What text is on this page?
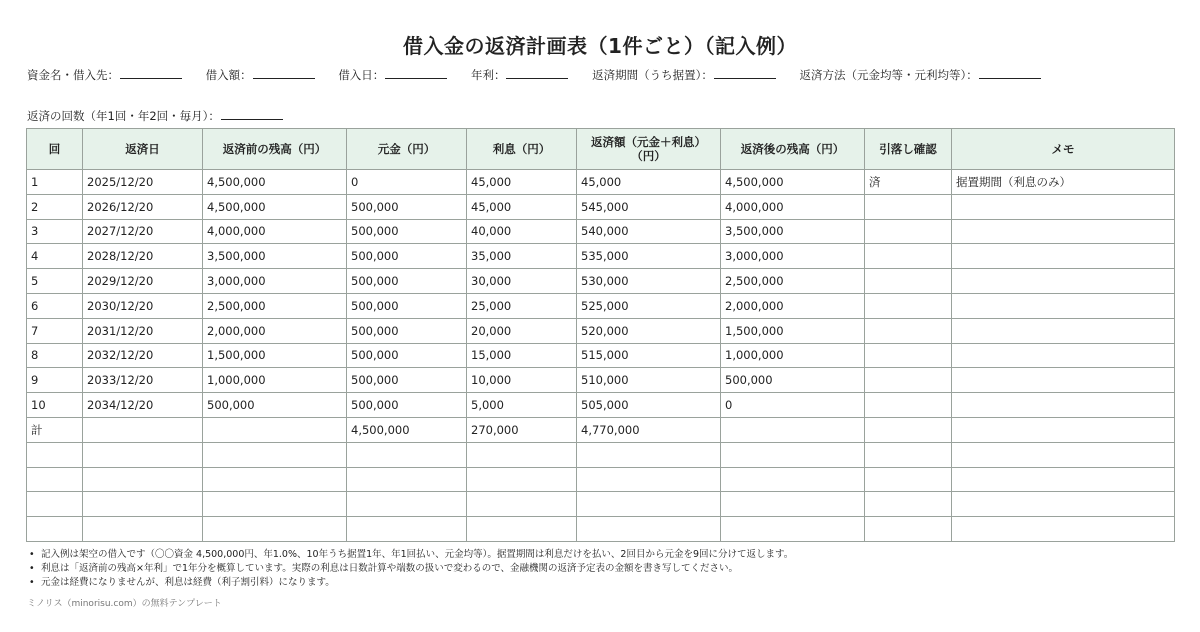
借入金の返済計画表（1件ごと）（記入例）
資金名・借入先：	借入額：	借入日：	年利：	返済期間（うち据置）：	返済方法（元金均等・元利均等）：
返済の回数（年1回・年2回・毎月）：
回	返済日	返済前の残高（円）	元金（円）	利息（円）	返済額（元金＋利息）
（円）	返済後の残高（円）	引落し確認	メモ
1	2025/12/20	4,500,000	0	45,000	45,000	4,500,000	済	据置期間（利息のみ）
2	2026/12/20	4,500,000	500,000	45,000	545,000	4,000,000		
3	2027/12/20	4,000,000	500,000	40,000	540,000	3,500,000		
4	2028/12/20	3,500,000	500,000	35,000	535,000	3,000,000		
5	2029/12/20	3,000,000	500,000	30,000	530,000	2,500,000		
6	2030/12/20	2,500,000	500,000	25,000	525,000	2,000,000		
7	2031/12/20	2,000,000	500,000	20,000	520,000	1,500,000		
8	2032/12/20	1,500,000	500,000	15,000	515,000	1,000,000		
9	2033/12/20	1,000,000	500,000	10,000	510,000	500,000		
10	2034/12/20	500,000	500,000	5,000	505,000	0		
計			4,500,000	270,000	4,770,000			

• 記入例は架空の借入です（〇〇資金 4,500,000円、年1.0%、10年うち据置1年、年1回払い、元金均等）。据置期間は利息だけを払い、2回目から元金を9回に分けて返します。
• 利息は「返済前の残高×年利」で1年分を概算しています。実際の利息は日数計算や端数の扱いで変わるので、金融機関の返済予定表の金額を書き写してください。
• 元金は経費になりませんが、利息は経費（利子割引料）になります。
ミノリス（minorisu.com）の無料テンプレート
